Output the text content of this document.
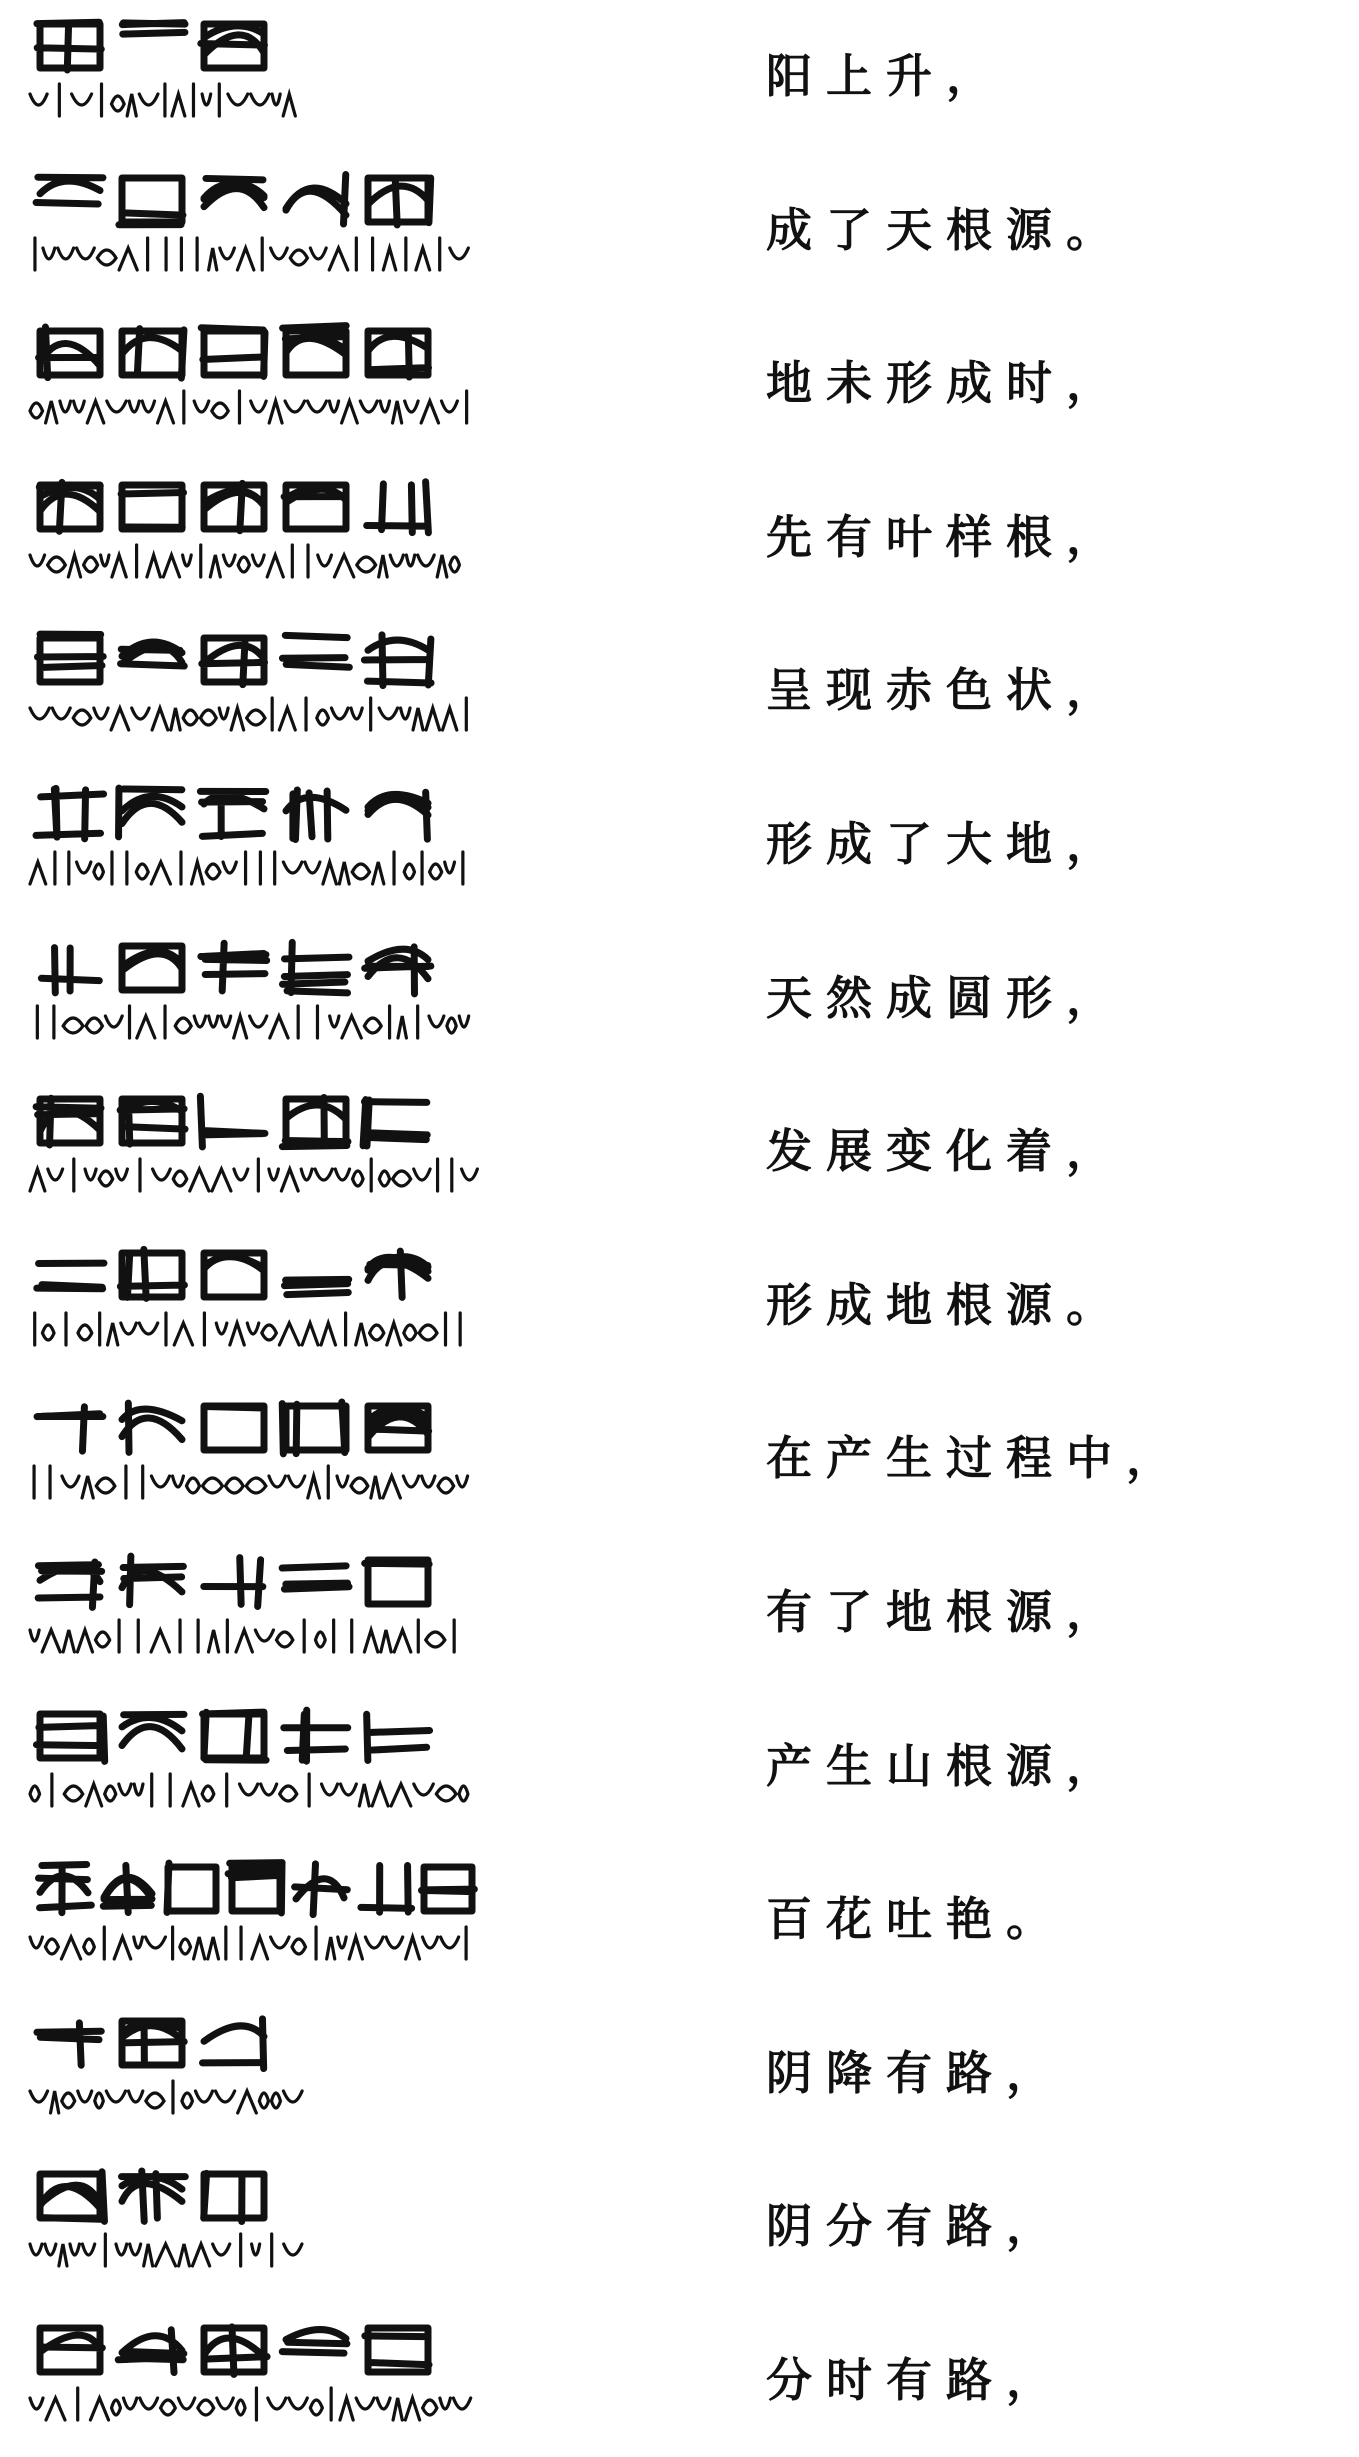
阳上升，
成了天根源。
地未形成时，
先有叶样根，
呈现赤色状，
形成了大地，
天然成圆形，
发展变化着，
形成地根源。
在产生过程中，
有了地根源，
产生山根源，
百花吐艳。
阴降有路，
阴分有路，
分时有路，
